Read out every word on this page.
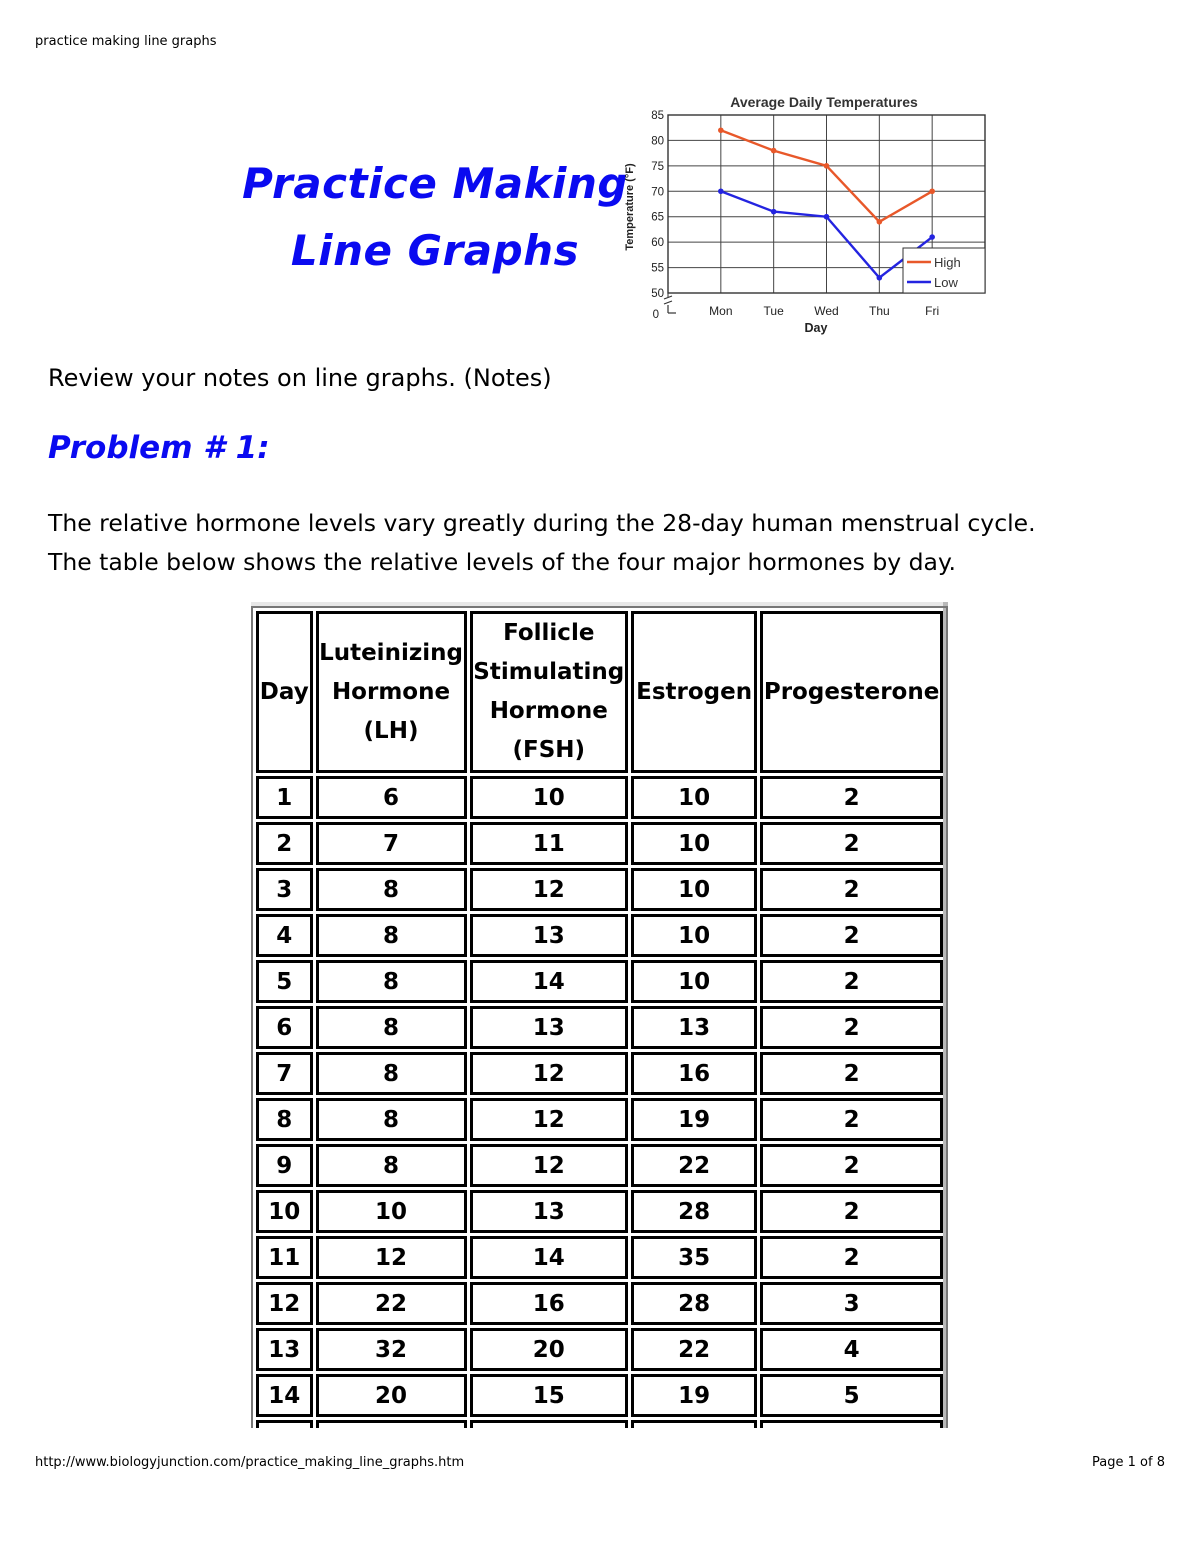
practice making line graphs
Practice Making
Line Graphs
Average Daily Temperatures
50
55
60
65
70
75
80
85
0	Mon	Tue	Wed	Thu	Fri
Day
Temperature (°F)
High
Low
Review your notes on line graphs. (Notes)
Problem # 1:
The relative hormone levels vary greatly during the 28-day human menstrual cycle.
The table below shows the relative levels of the four major hormones by day.
Day	Luteinizing Hormone (LH)	Follicle Stimulating Hormone (FSH)	Estrogen	Progesterone
1	6	10	10	2
2	7	11	10	2
3	8	12	10	2
4	8	13	10	2
5	8	14	10	2
6	8	13	13	2
7	8	12	16	2
8	8	12	19	2
9	8	12	22	2
10	10	13	28	2
11	12	14	35	2
12	22	16	28	3
13	32	20	22	4
14	20	15	19	5

http://www.biologyjunction.com/practice_making_line_graphs.htm	Page 1 of 8
